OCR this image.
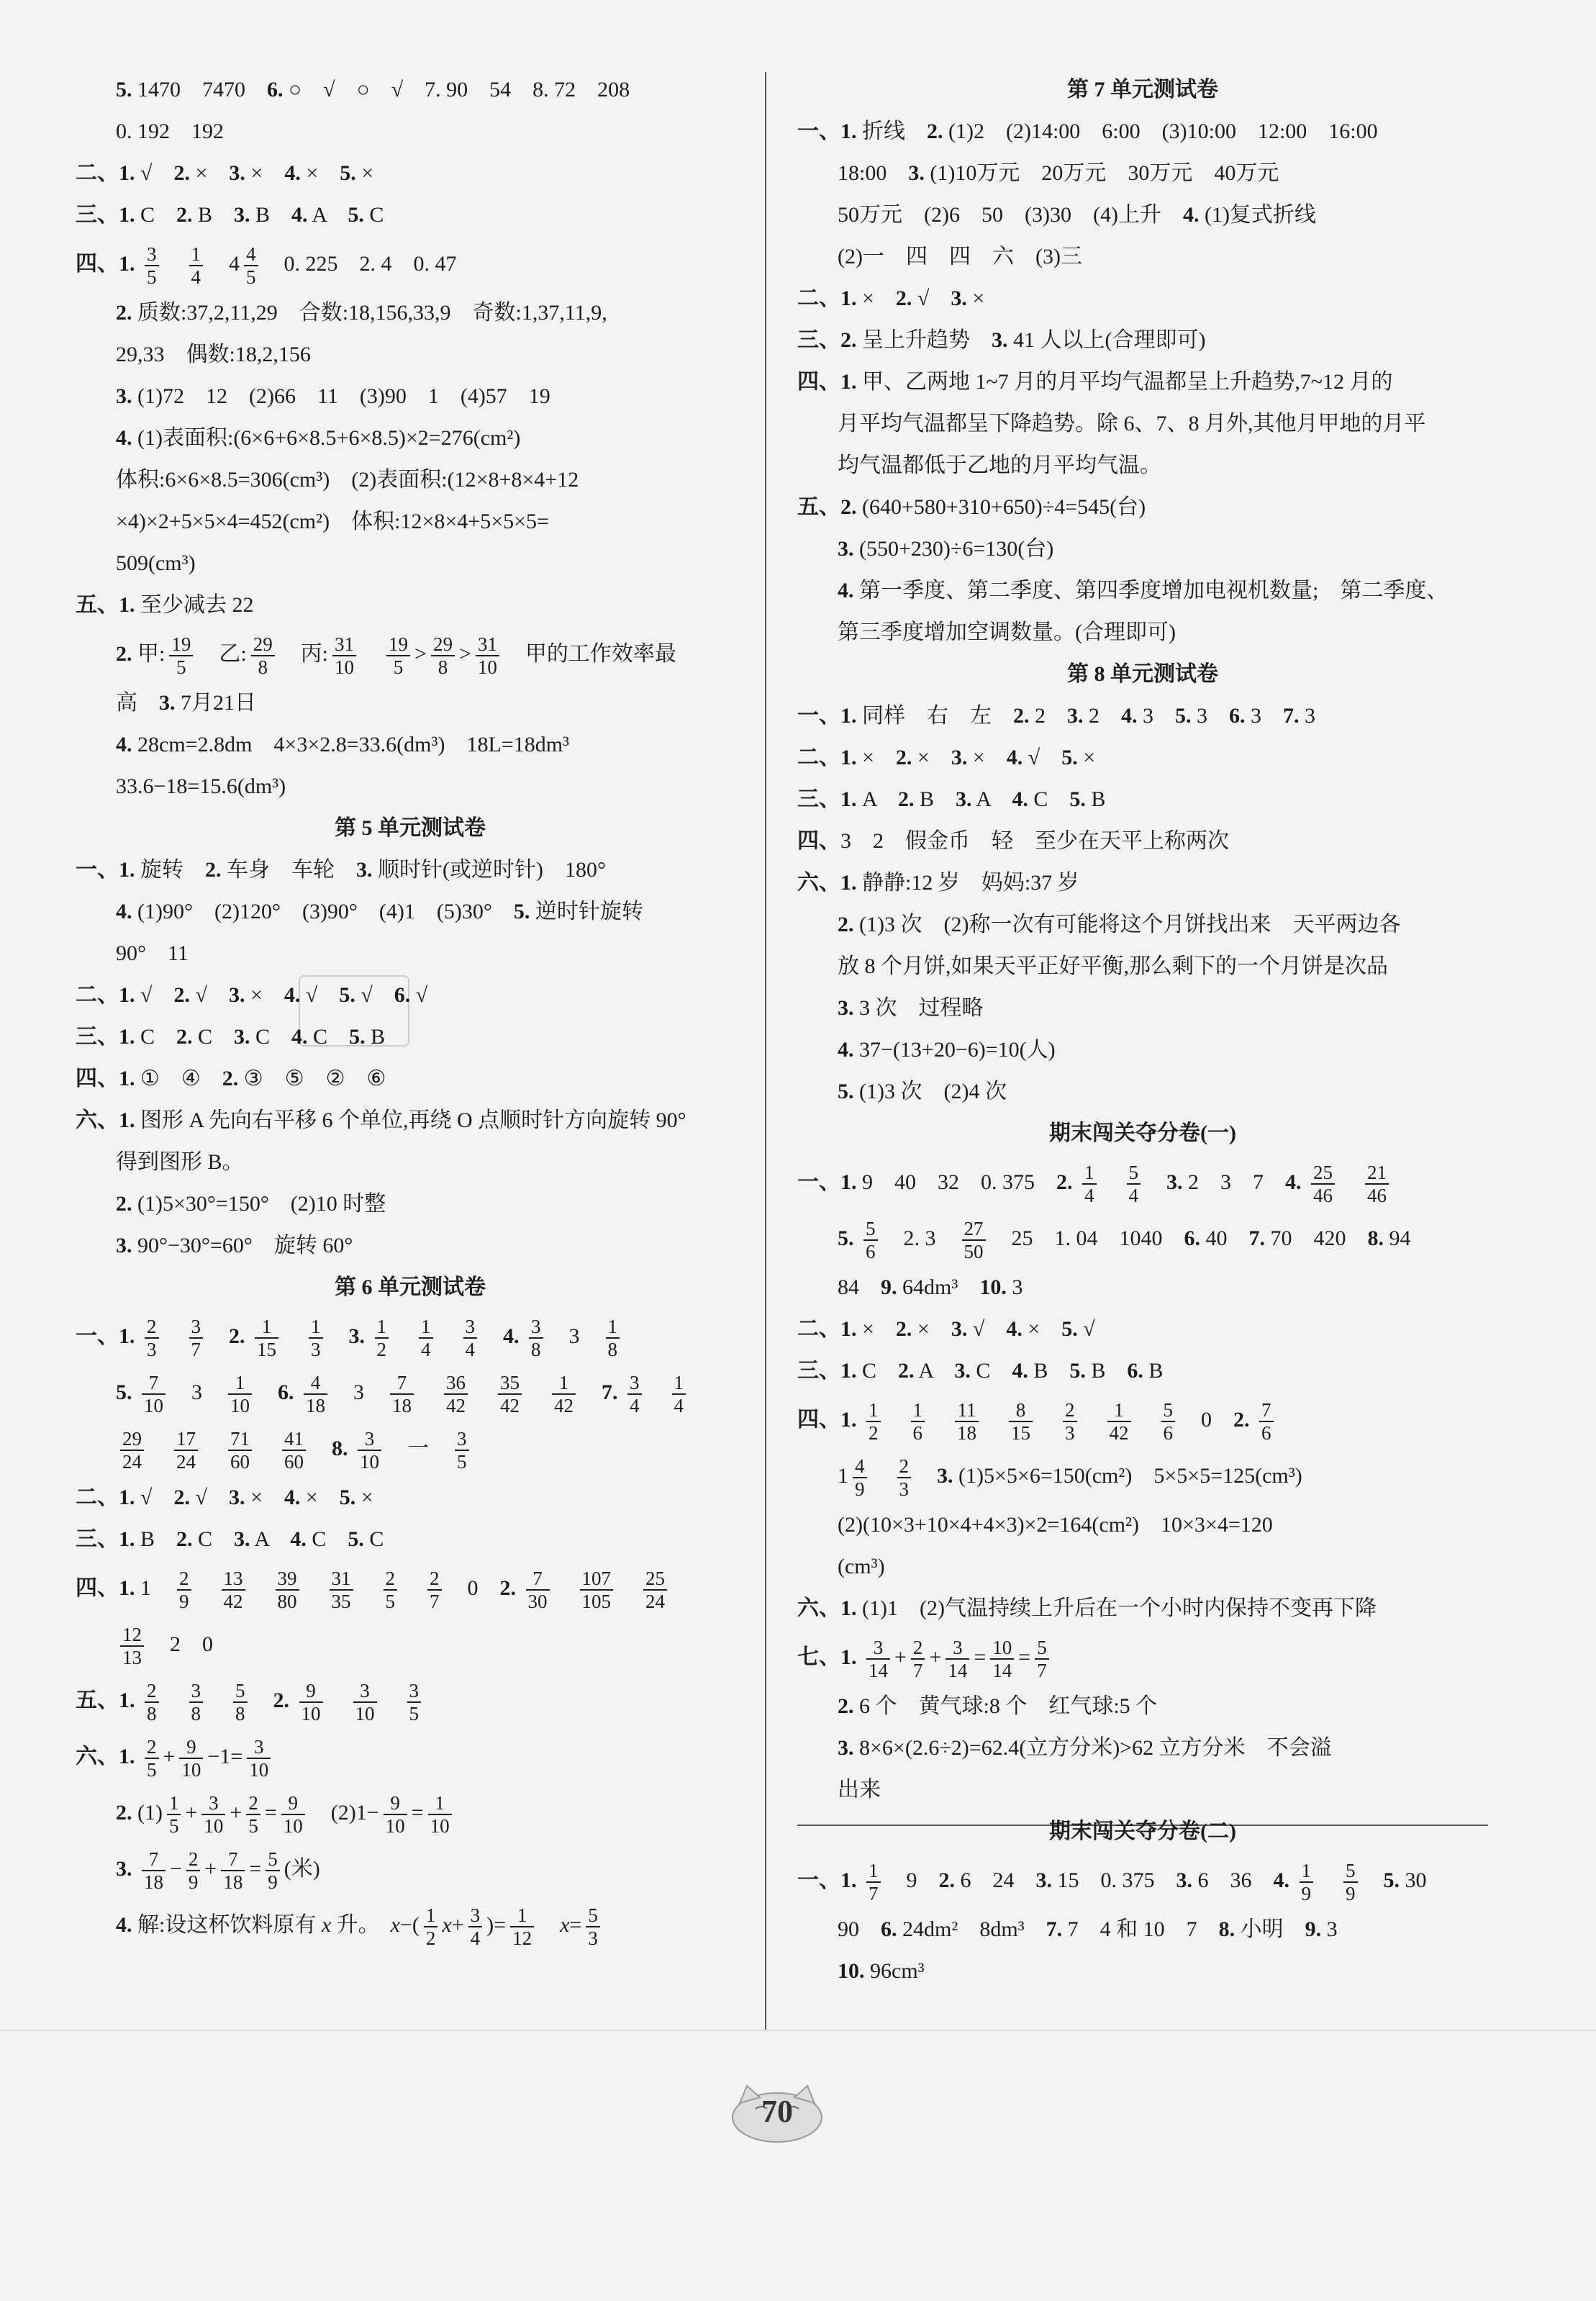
5. 1470　7470　6. ○　√　○　√　7. 90　54　8. 72　208
0. 192　192
二、1. √　2. ×　3. ×　4. ×　5. ×
三、1. C　2. B　3. B　4. A　5. C
四、1. $\frac{3}{5}$
　 $\frac{1}{4}$ 　$4 \frac{4}{5}$ 　0. 225　2. 4　0. 47
2. 质数:37,2,11,29　合数:18,156,33,9　奇数:1,37,11,9,
29,33　偶数:18,2,156
3. (1)72　12　(2)66　11　(3)90　1　(4)57　19
4. (1)表面积:(6×6+6×8.5+6×8.5)×2=276(cm²)
体积:6×6×8.5=306(cm³)　(2)表面积:(12×8+8×4+12
×4)×2+5×5×4=452(cm²)　体积:12×8×4+5×5×5=
509(cm³)
五、1. 至少减去 22
2. 甲: $\frac{19}{5}$ 　乙: $\frac{29}{8}$ 　丙: $\frac{31}{10}$
　 $\frac{19}{5} > \frac{29}{8} > \frac{31}{10}$ 　甲的工作效率最
高　3. 7月21日
4. 28cm=2.8dm　4×3×2.8=33.6(dm³)　18L=18dm³
33.6−18=15.6(dm³)
第 5 单元测试卷
一、1. 旋转　2. 车身　车轮　3. 顺时针(或逆时针)　180°
4. (1)90°　(2)120°　(3)90°　(4)1　(5)30°　5. 逆时针旋转
90°　11
二、1. √　2. √　3. ×　4. √　5. √　6. √
三、1. C　2. C　3. C　4. C　5. B
四、1. ①　④　2. ③　⑤　②　⑥
六、1. 图形 A 先向右平移 6 个单位,再绕 O 点顺时针方向旋转 90°
得到图形 B。
2. (1)5×30°=150°　(2)10 时整
3. 90°−30°=60°　旋转 60°
第 6 单元测试卷
一、1. $\frac{2}{3}$
　 $\frac{3}{7}$
　 2. $\frac{1}{15}$
　 $\frac{1}{3}$
　 3. $\frac{1}{2}$
　 $\frac{1}{4}$
　 $\frac{3}{4}$
　 4. $\frac{3}{8}$ 　3　 $\frac{1}{8}$
5. $\frac{7}{10}$ 　3　 $\frac{1}{10}$
　 6. $\frac{4}{18}$ 　3　 $\frac{7}{18}$
　 $\frac{36}{42}$
　 $\frac{35}{42}$
　 $\frac{1}{42}$
　 7. $\frac{3}{4}$
　 $\frac{1}{4}$
$\frac{29}{24}$
　 $\frac{17}{24}$
　 $\frac{71}{60}$
　 $\frac{41}{60}$
　 8. $\frac{3}{10}$ 　一　 $\frac{3}{5}$
二、1. √　2. √　3. ×　4. ×　5. ×
三、1. B　2. C　3. A　4. C　5. C
四、1. 1　 $\frac{2}{9}$
　 $\frac{13}{42}$
　 $\frac{39}{80}$
　 $\frac{31}{35}$
　 $\frac{2}{5}$
　 $\frac{2}{7}$ 　0　2. $\frac{7}{30}$
　 $\frac{107}{105}$
　 $\frac{25}{24}$
$\frac{12}{13}$ 　2　0
五、1. $\frac{2}{8}$
　 $\frac{3}{8}$
　 $\frac{5}{8}$
　 2. $\frac{9}{10}$
　 $\frac{3}{10}$
　 $\frac{3}{5}$
六、1. $\frac{2}{5} + \frac{9}{10} -1= \frac{3}{10}$
2. $(1) \frac{1}{5} + \frac{3}{10} + \frac{2}{5} = \frac{9}{10}$ 　$(2)1- \frac{9}{10} = \frac{1}{10}$
3. $\frac{7}{18} - \frac{2}{9} + \frac{7}{18} = \frac{5}{9}$ (米)
4. 解:设这杯饮料原有 x 升。　$x-( \frac{1}{2} x+ \frac{3}{4}$ )= $\frac{1}{12}$
　 $x= \frac{5}{3}$
第 7 单元测试卷
一、1. 折线　2. (1)2　(2)14:00　6:00　(3)10:00　12:00　16:00
18:00　3. (1)10万元　20万元　30万元　40万元
50万元　(2)6　50　(3)30　(4)上升　4. (1)复式折线
(2)一　四　四　六　(3)三
二、1. ×　2. √　3. ×
三、2. 呈上升趋势　3. 41 人以上(合理即可)
四、1. 甲、乙两地 1~7 月的月平均气温都呈上升趋势,7~12 月的
月平均气温都呈下降趋势。除 6、7、8 月外,其他月甲地的月平
均气温都低于乙地的月平均气温。
五、2. (640+580+310+650)÷4=545(台)
3. (550+230)÷6=130(台)
4. 第一季度、第二季度、第四季度增加电视机数量;　第二季度、
第三季度增加空调数量。(合理即可)
第 8 单元测试卷
一、1. 同样　右　左　2. 2　3. 2　4. 3　5. 3　6. 3　7. 3
二、1. ×　2. ×　3. ×　4. √　5. ×
三、1. A　2. B　3. A　4. C　5. B
四、3　2　假金币　轻　至少在天平上称两次
六、1. 静静:12 岁　妈妈:37 岁
2. (1)3 次　(2)称一次有可能将这个月饼找出来　天平两边各
放 8 个月饼,如果天平正好平衡,那么剩下的一个月饼是次品
3. 3 次　过程略
4. 37−(13+20−6)=10(人)
5. (1)3 次　(2)4 次
期末闯关夺分卷(一)
一、1. 9　40　32　0. 375　2. $\frac{1}{4}$
　 $\frac{5}{4}$
　 3. 2　3　7　4. $\frac{25}{46}$
　 $\frac{21}{46}$
5. $\frac{5}{6}$ 　2. 3　 $\frac{27}{50}$ 　25　1. 04　1040　6. 40　7. 70　420　8. 94
84　9. 64dm³　10. 3
二、1. ×　2. ×　3. √　4. ×　5. √
三、1. C　2. A　3. C　4. B　5. B　6. B
四、1. $\frac{1}{2}$
　 $\frac{1}{6}$
　 $\frac{11}{18}$
　 $\frac{8}{15}$
　 $\frac{2}{3}$
　 $\frac{1}{42}$
　 $\frac{5}{6}$ 　0　2. $\frac{7}{6}$
$1 \frac{4}{9}$
　 $\frac{2}{3}$
　 3. (1)5×5×6=150(cm²)　5×5×5=125(cm³)
(2)(10×3+10×4+4×3)×2=164(cm²)　10×3×4=120
(cm³)
六、1. (1)1　(2)气温持续上升后在一个小时内保持不变再下降
七、1. $\frac{3}{14} + \frac{2}{7} + \frac{3}{14} = \frac{10}{14} = \frac{5}{7}$
2. 6 个　黄气球:8 个　红气球:5 个
3. 8×6×(2.6÷2)=62.4(立方分米)>62 立方分米　不会溢
出来
期末闯关夺分卷(二)
一、1. $\frac{1}{7}$ 　9　2. 6　24　3. 15　0. 375　3. 6　36　4. $\frac{1}{9}$
　 $\frac{5}{9}$
　 5. 30
90　6. 24dm²　8dm³　7. 7　4 和 10　7　8. 小明　9. 3
10. 96cm³
70
